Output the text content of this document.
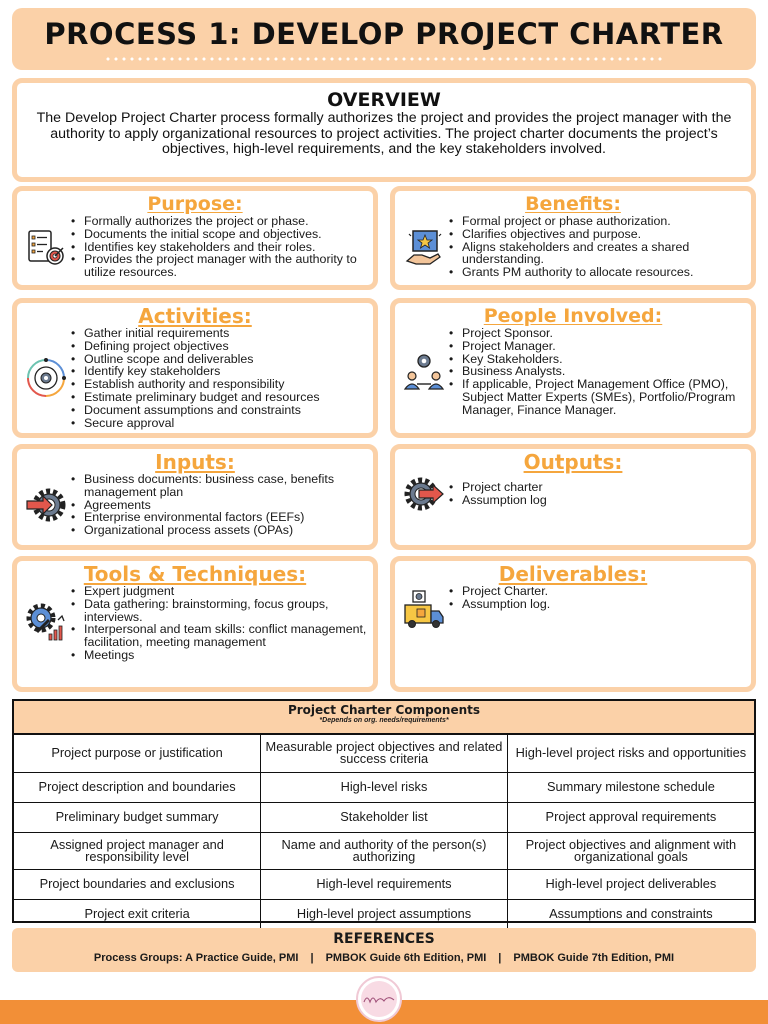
PROCESS 1: DEVELOP PROJECT CHARTER
OVERVIEW

The Develop Project Charter process formally authorizes the project and provides the project manager with the authority to apply organizational resources to project activities. The project charter documents the project’s objectives, high-level requirements, and the key stakeholders involved.

Purpose:
• Formally authorizes the project or phase.
• Documents the initial scope and objectives.
• Identifies key stakeholders and their roles.
• Provides the project manager with the authority to utilize resources.
Benefits:
• Formal project or phase authorization.
• Clarifies objectives and purpose.
• Aligns stakeholders and creates a shared understanding.
• Grants PM authority to allocate resources.
Activities:
• Gather initial requirements
• Defining project objectives
• Outline scope and deliverables
• Identify key stakeholders
• Establish authority and responsibility
• Estimate preliminary budget and resources
• Document assumptions and constraints
• Secure approval
People Involved:
• Project Sponsor.
• Project Manager.
• Key Stakeholders.
• Business Analysts.
• If applicable, Project Management Office (PMO), Subject Matter Experts (SMEs), Portfolio/Program Manager, Finance Manager.
Inputs:
• Business documents: business case, benefits management plan
• Agreements
• Enterprise environmental factors (EEFs)
• Organizational process assets (OPAs)
Outputs:
• Project charter
• Assumption log
Tools & Techniques:
• Expert judgment
• Data gathering: brainstorming, focus groups, interviews.
• Interpersonal and team skills: conflict management, facilitation, meeting management
• Meetings
Deliverables:
• Project Charter.
• Assumption log.
Project Charter Components
*Depends on org. needs/requirements*
Project purpose or justification	Measurable project objectives and related success criteria	High-level project risks and opportunities
Project description and boundaries	High-level risks	Summary milestone schedule
Preliminary budget summary	Stakeholder list	Project approval requirements
Assigned project manager and responsibility level	Name and authority of the person(s) authorizing	Project objectives and alignment with organizational goals
Project boundaries and exclusions	High-level requirements	High-level project deliverables
Project exit criteria	High-level project assumptions	Assumptions and constraints
REFERENCES
Process Groups: A Practice Guide, PMI | PMBOK Guide 6th Edition, PMI | PMBOK Guide 7th Edition, PMI
